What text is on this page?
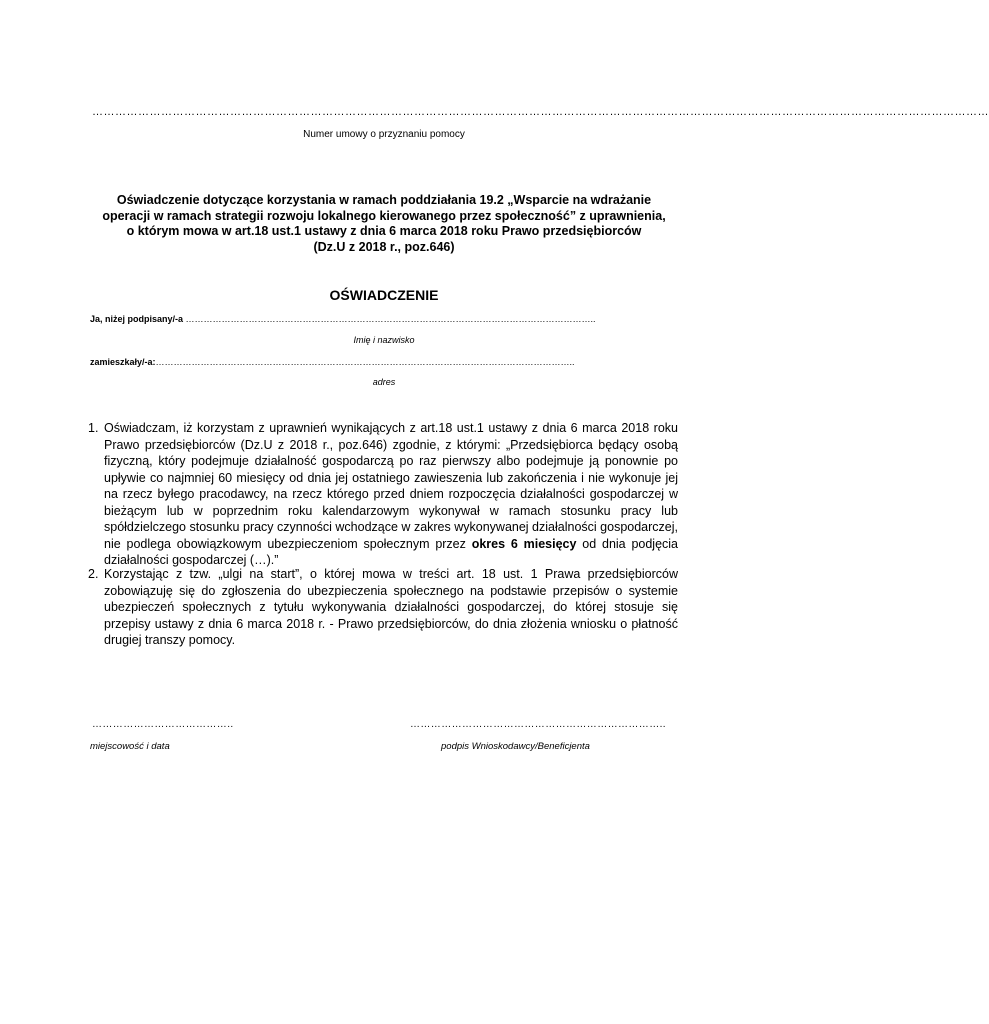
………………………………………………………………………………………………………………………………………………………………………………………………………………
Numer umowy o przyznaniu pomocy
Oświadczenie dotyczące korzystania w ramach poddziałania 19.2 „Wsparcie na wdrażanie
operacji w ramach strategii rozwoju lokalnego kierowanego przez społeczność” z uprawnienia,
o którym mowa w art.18 ust.1 ustawy z dnia 6 marca 2018 roku Prawo przedsiębiorców
(Dz.U z 2018 r., poz.646)
OŚWIADCZENIE
Ja, niżej podpisany/-a ………………………………………………………………………………………………………………………..
Imię i nazwisko
zamieszkały/-a:…………………………………………………………………………………………………………………………..
adres
1. Oświadczam, iż korzystam z uprawnień wynikających z art.18 ust.1 ustawy z dnia 6 marca 2018 roku Prawo przedsiębiorców (Dz.U z 2018 r., poz.646) zgodnie, z którymi: „Przedsiębiorca będący osobą fizyczną, który podejmuje działalność gospodarczą po raz pierwszy albo podejmuje ją ponownie po upływie co najmniej 60 miesięcy od dnia jej ostatniego zawieszenia lub zakończenia i nie wykonuje jej na rzecz byłego pracodawcy, na rzecz którego przed dniem rozpoczęcia działalności gospodarczej w bieżącym lub w poprzednim roku kalendarzowym wykonywał w ramach stosunku pracy lub spółdzielczego stosunku pracy czynności wchodzące w zakres wykonywanej działalności gospodarczej, nie podlega obowiązkowym ubezpieczeniom społecznym przez okres 6 miesięcy od dnia podjęcia działalności gospodarczej (…).”
2. Korzystając z tzw. „ulgi na start”, o której mowa w treści art. 18 ust. 1 Prawa przedsiębiorców zobowiązuję się do zgłoszenia do ubezpieczenia społecznego na podstawie przepisów o systemie ubezpieczeń społecznych z tytułu wykonywania działalności gospodarczej, do której stosuje się przepisy ustawy z dnia 6 marca 2018 r. - Prawo przedsiębiorców, do dnia złożenia wniosku o płatność drugiej transzy pomocy.
…………………………………..
miejscowość i data
………………………………………………………………..
podpis Wnioskodawcy/Beneficjenta
